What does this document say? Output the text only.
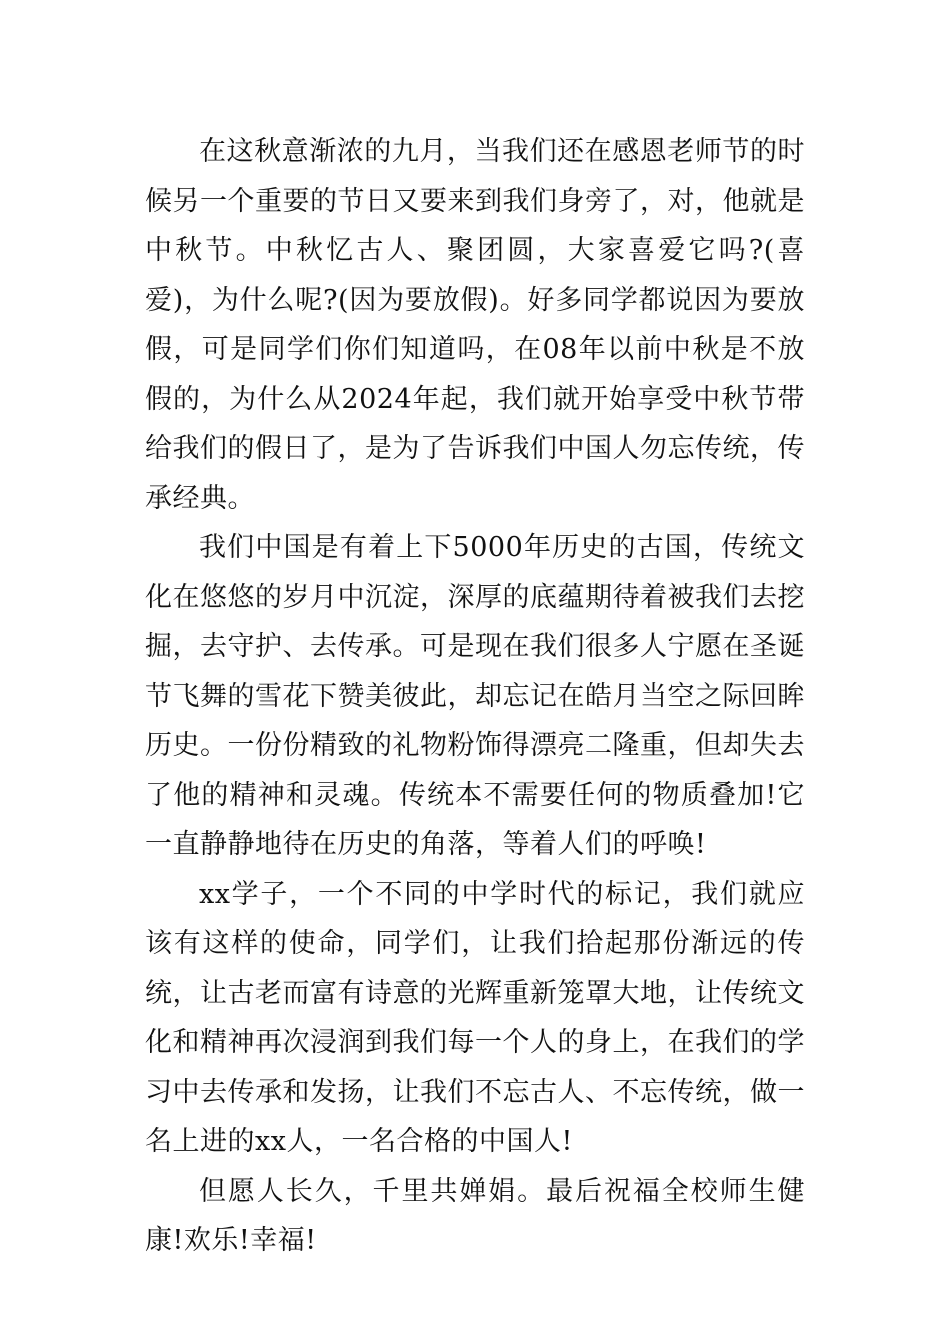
在这秋意渐浓的九月，当我们还在感恩老师节的时候另一个重要的节日又要来到我们身旁了，对，他就是中秋节。中秋忆古人、聚团圆，大家喜爱它吗?(喜爱)，为什么呢?(因为要放假)。好多同学都说因为要放假，可是同学们你们知道吗，在08年以前中秋是不放假的，为什么从2024年起，我们就开始享受中秋节带给我们的假日了，是为了告诉我们中国人勿忘传统，传承经典。

我们中国是有着上下5000年历史的古国，传统文化在悠悠的岁月中沉淀，深厚的底蕴期待着被我们去挖掘，去守护、去传承。可是现在我们很多人宁愿在圣诞节飞舞的雪花下赞美彼此，却忘记在皓月当空之际回眸历史。一份份精致的礼物粉饰得漂亮二隆重，但却失去了他的精神和灵魂。传统本不需要任何的物质叠加!它一直静静地待在历史的角落，等着人们的呼唤!

xx学子，一个不同的中学时代的标记，我们就应该有这样的使命，同学们，让我们拾起那份渐远的传统，让古老而富有诗意的光辉重新笼罩大地，让传统文化和精神再次浸润到我们每一个人的身上，在我们的学习中去传承和发扬，让我们不忘古人、不忘传统，做一名上进的xx人，一名合格的中国人!

但愿人长久，千里共婵娟。最后祝福全校师生健康!欢乐!幸福!
